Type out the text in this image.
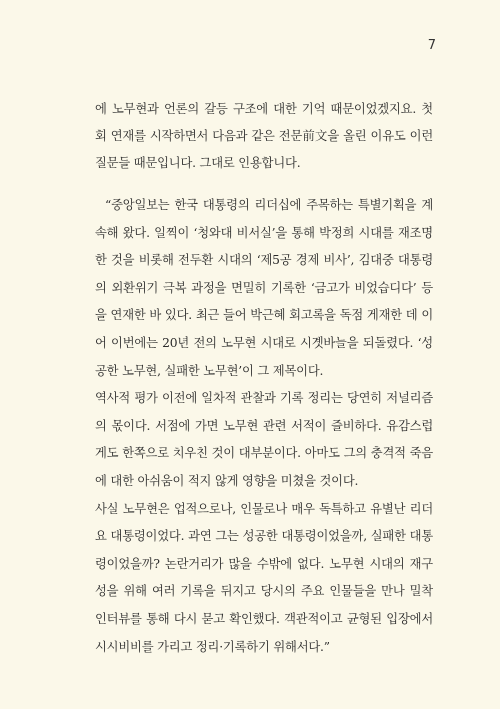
7

에 노무현과 언론의 갈등 구조에 대한 기억 때문이었겠지요. 첫 회 연재를 시작하면서 다음과 같은 전문前文을 올린 이유도 이런 질문들 때문입니다. 그대로 인용합니다.

“중앙일보는 한국 대통령의 리더십에 주목하는 특별기획을 계속해 왔다. 일찍이 ‘청와대 비서실’을 통해 박정희 시대를 재조명한 것을 비롯해 전두환 시대의 ‘제5공 경제 비사’, 김대중 대통령의 외환위기 극복 과정을 면밀히 기록한 ‘금고가 비었습디다’ 등을 연재한 바 있다. 최근 들어 박근혜 회고록을 독점 게재한 데 이어 이번에는 20년 전의 노무현 시대로 시곗바늘을 되돌렸다. ‘성공한 노무현, 실패한 노무현’이 그 제목이다.

역사적 평가 이전에 일차적 관찰과 기록 정리는 당연히 저널리즘의 몫이다. 서점에 가면 노무현 관련 서적이 즐비하다. 유감스럽게도 한쪽으로 치우친 것이 대부분이다. 아마도 그의 충격적 죽음에 대한 아쉬움이 적지 않게 영향을 미쳤을 것이다.

사실 노무현은 업적으로나, 인물로나 매우 독특하고 유별난 리더요 대통령이었다. 과연 그는 성공한 대통령이었을까, 실패한 대통령이었을까? 논란거리가 많을 수밖에 없다. 노무현 시대의 재구성을 위해 여러 기록을 뒤지고 당시의 주요 인물들을 만나 밀착 인터뷰를 통해 다시 묻고 확인했다. 객관적이고 균형된 입장에서 시시비비를 가리고 정리·기록하기 위해서다.”
